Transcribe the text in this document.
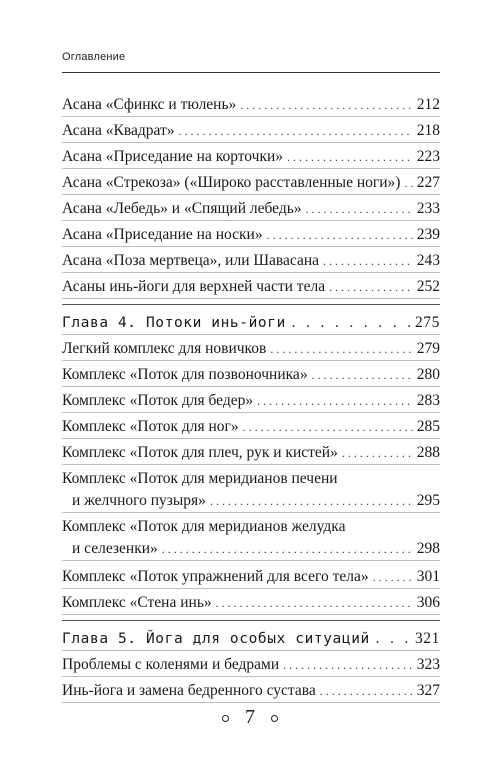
Оглавление
Асана «Сфинкс и тюлень» . . .	212
Асана «Квадрат» . . .	218
Асана «Приседание на корточки» . . .	223
Асана «Стрекоза» («Широко расставленные ноги») . . . 227
Асана «Лебедь» и «Спящий лебедь» . . .	233
Асана «Приседание на носки» . . .	239
Асана «Поза мертвеца», или Шавасана . . .	243
Асаны инь-йоги для верхней части тела . . .	252
Глава 4. Потоки инь-йоги . . .	275
Легкий комплекс для новичков . . .	279
Комплекс «Поток для позвоночника» . . .	280
Комплекс «Поток для бедер» . . .	283
Комплекс «Поток для ног» . . .	285
Комплекс «Поток для плеч, рук и кистей» . . .	288
Комплекс «Поток для меридианов печени
и желчного пузыря» . . .	295
Комплекс «Поток для меридианов желудка
и селезенки» . . .	298
Комплекс «Поток упражнений для всего тела» . . .	301
Комплекс «Стена инь» . . .	306
Глава 5. Йога для особых ситуаций . . .	321
Проблемы с коленями и бедрами . . .	323
Инь-йога и замена бедренного сустава . . .	327
7
